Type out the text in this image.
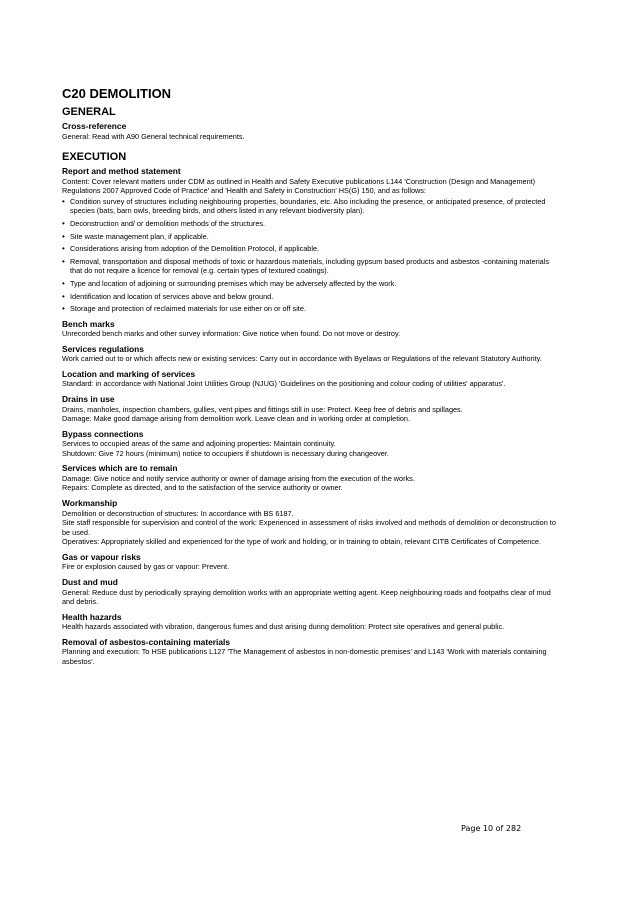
C20 DEMOLITION
GENERAL
Cross-reference

General: Read with A90 General technical requirements.

EXECUTION
Report and method statement

Content: Cover relevant matters under CDM as outlined in Health and Safety Executive publications L144 'Construction (Design and Management) Regulations 2007 Approved Code of Practice' and 'Health and Safety in Construction' HS(G) 150, and as follows:

• Condition survey of structures including neighbouring properties, boundaries, etc. Also including the presence, or anticipated presence, of protected species (bats, barn owls, breeding birds, and others listed in any relevant biodiversity plan).
• Deconstruction and/ or demolition methods of the structures.
• Site waste management plan, if applicable.
• Considerations arising from adoption of the Demolition Protocol, if applicable.
• Removal, transportation and disposal methods of toxic or hazardous materials, including gypsum based products and asbestos -containing materials that do not require a licence for removal (e.g. certain types of textured coatings).
• Type and location of adjoining or surrounding premises which may be adversely affected by the work.
• Identification and location of services above and below ground.
• Storage and protection of reclaimed materials for use either on or off site.
Bench marks

Unrecorded bench marks and other survey information: Give notice when found. Do not move or destroy.

Services regulations

Work carried out to or which affects new or existing services: Carry out in accordance with Byelaws or Regulations of the relevant Statutory Authority.

Location and marking of services

Standard: in accordance with National Joint Utilities Group (NJUG) 'Guidelines on the positioning and colour coding of utilities' apparatus'.

Drains in use

Drains, manholes, inspection chambers, gullies, vent pipes and fittings still in use: Protect. Keep free of debris and spillages.

Damage: Make good damage arising from demolition work. Leave clean and in working order at completion.

Bypass connections

Services to occupied areas of the same and adjoining properties: Maintain continuity.

Shutdown: Give 72 hours (minimum) notice to occupiers if shutdown is necessary during changeover.

Services which are to remain

Damage: Give notice and notify service authority or owner of damage arising from the execution of the works.

Repairs: Complete as directed, and to the satisfaction of the service authority or owner.

Workmanship

Demolition or deconstruction of structures: In accordance with BS 6187.

Site staff responsible for supervision and control of the work: Experienced in assessment of risks involved and methods of demolition or deconstruction to be used.

Operatives: Appropriately skilled and experienced for the type of work and holding, or in training to obtain, relevant CITB Certificates of Competence.

Gas or vapour risks

Fire or explosion caused by gas or vapour: Prevent.

Dust and mud

General: Reduce dust by periodically spraying demolition works with an appropriate wetting agent. Keep neighbouring roads and footpaths clear of mud and debris.

Health hazards

Health hazards associated with vibration, dangerous fumes and dust arising during demolition: Protect site operatives and general public.

Removal of asbestos-containing materials

Planning and execution: To HSE publications L127 'The Management of asbestos in non-domestic premises' and L143 'Work with materials containing asbestos'.

Page 10 of 282
